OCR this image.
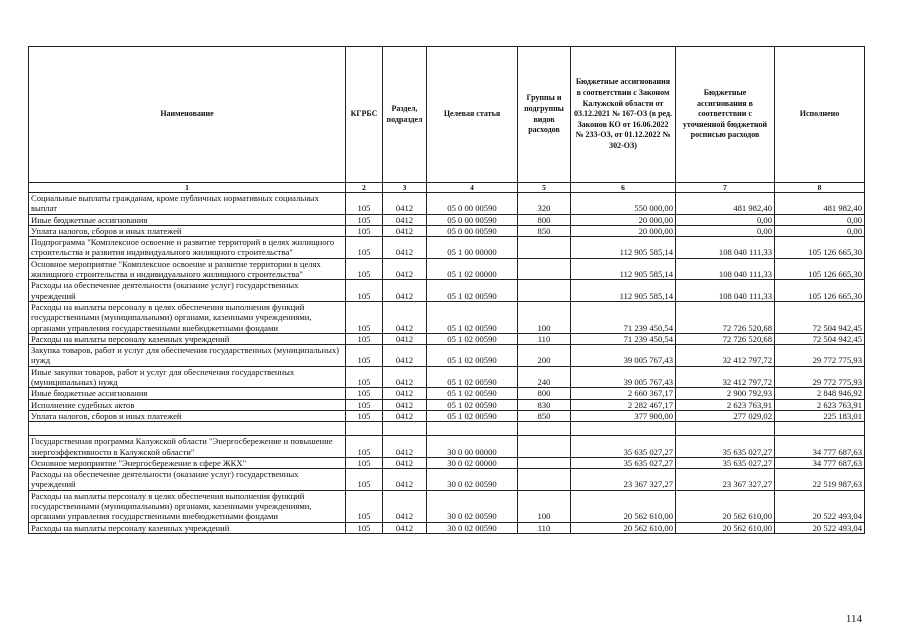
Наименование	КГРБС	Раздел, подраздел	Целевая статья	Группы и подгруппы видов расходов	Бюджетные ассигнования в соответствии с Законом Калужской области от 03.12.2021 № 167-ОЗ (в ред. Законов КО от 16.06.2022 № 233-ОЗ, от 01.12.2022 № 302-ОЗ)	Бюджетные ассигнования в соответствии с уточненной бюджетной росписью расходов	Исполнено
1	2	3	4	5	6	7	8
Социальные выплаты гражданам, кроме публичных нормативных социальных выплат	105	0412	05 0 00 00590	320	550 000,00	481 982,40	481 982,40
Иные бюджетные ассигнования	105	0412	05 0 00 00590	800	20 000,00	0,00	0,00
Уплата налогов, сборов и иных платежей	105	0412	05 0 00 00590	850	20 000,00	0,00	0,00
Подпрограмма "Комплексное освоение и развитие территорий в целях жилищного строительства и развития индивидуального жилищного строительства"	105	0412	05 1 00 00000		112 905 585,14	108 040 111,33	105 126 665,30
Основное мероприятие "Комплексное освоение и развитие территории в целях жилищного строительства и индивидуального жилищного строительства"	105	0412	05 1 02 00000		112 905 585,14	108 040 111,33	105 126 665,30
Расходы на обеспечение деятельности (оказание услуг) государственных учреждений	105	0412	05 1 02 00590		112 905 585,14	108 040 111,33	105 126 665,30
Расходы на выплаты персоналу в целях обеспечения выполнения функций государственными (муниципальными) органами, казенными учреждениями, органами управления государственными внебюджетными фондами	105	0412	05 1 02 00590	100	71 239 450,54	72 726 520,68	72 504 942,45
Расходы на выплаты персоналу казенных учреждений	105	0412	05 1 02 00590	110	71 239 450,54	72 726 520,68	72 504 942,45
Закупка товаров, работ и услуг для обеспечения государственных (муниципальных) нужд	105	0412	05 1 02 00590	200	39 005 767,43	32 412 797,72	29 772 775,93
Иные закупки товаров, работ и услуг для обеспечения государственных (муниципальных) нужд	105	0412	05 1 02 00590	240	39 005 767,43	32 412 797,72	29 772 775,93
Иные бюджетные ассигнования	105	0412	05 1 02 00590	800	2 660 367,17	2 900 792,93	2 848 946,92
Исполнение судебных актов	105	0412	05 1 02 00590	830	2 282 467,17	2 623 763,91	2 623 763,91
Уплата налогов, сборов и иных платежей	105	0412	05 1 02 00590	850	377 900,00	277 029,02	225 183,01

Государственная программа Калужской области "Энергосбережение и повышение энергоэффективности в Калужской области"	105	0412	30 0 00 00000		35 635 027,27	35 635 027,27	34 777 687,63
Основное мероприятие "Энергосбережение в сфере ЖКХ"	105	0412	30 0 02 00000		35 635 027,27	35 635 027,27	34 777 687,63
Расходы на обеспечение деятельности (оказание услуг) государственных учреждений	105	0412	30 0 02 00590		23 367 327,27	23 367 327,27	22 519 987,63
Расходы на выплаты персоналу в целях обеспечения выполнения функций государственными (муниципальными) органами, казенными учреждениями, органами управления государственными внебюджетными фондами	105	0412	30 0 02 00590	100	20 562 610,00	20 562 610,00	20 522 493,04
Расходы на выплаты персоналу казенных учреждений	105	0412	30 0 02 00590	110	20 562 610,00	20 562 610,00	20 522 493,04
114
